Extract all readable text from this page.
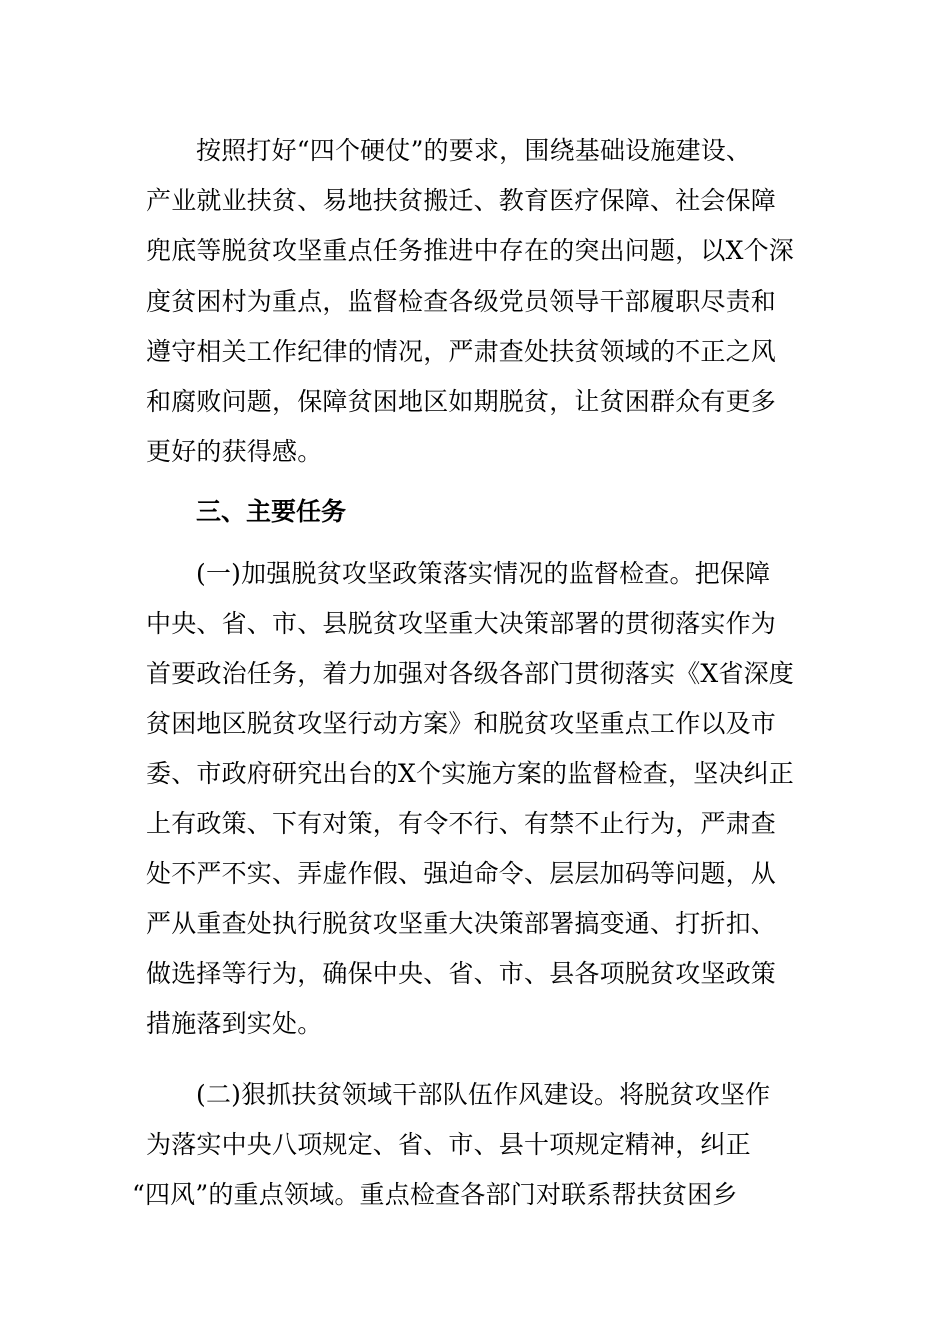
按照打好“四个硬仗”的要求，围绕基础设施建设、
产业就业扶贫、易地扶贫搬迁、教育医疗保障、社会保障
兜底等脱贫攻坚重点任务推进中存在的突出问题，以X个深
度贫困村为重点，监督检查各级党员领导干部履职尽责和
遵守相关工作纪律的情况，严肃查处扶贫领域的不正之风
和腐败问题，保障贫困地区如期脱贫，让贫困群众有更多
更好的获得感。
三、主要任务
(一)加强脱贫攻坚政策落实情况的监督检查。把保障
中央、省、市、县脱贫攻坚重大决策部署的贯彻落实作为
首要政治任务，着力加强对各级各部门贯彻落实《X省深度
贫困地区脱贫攻坚行动方案》和脱贫攻坚重点工作以及市
委、市政府研究出台的X个实施方案的监督检查，坚决纠正
上有政策、下有对策，有令不行、有禁不止行为，严肃查
处不严不实、弄虚作假、强迫命令、层层加码等问题，从
严从重查处执行脱贫攻坚重大决策部署搞变通、打折扣、
做选择等行为，确保中央、省、市、县各项脱贫攻坚政策
措施落到实处。
(二)狠抓扶贫领域干部队伍作风建设。将脱贫攻坚作
为落实中央八项规定、省、市、县十项规定精神，纠正
“四风”的重点领域。重点检查各部门对联系帮扶贫困乡
